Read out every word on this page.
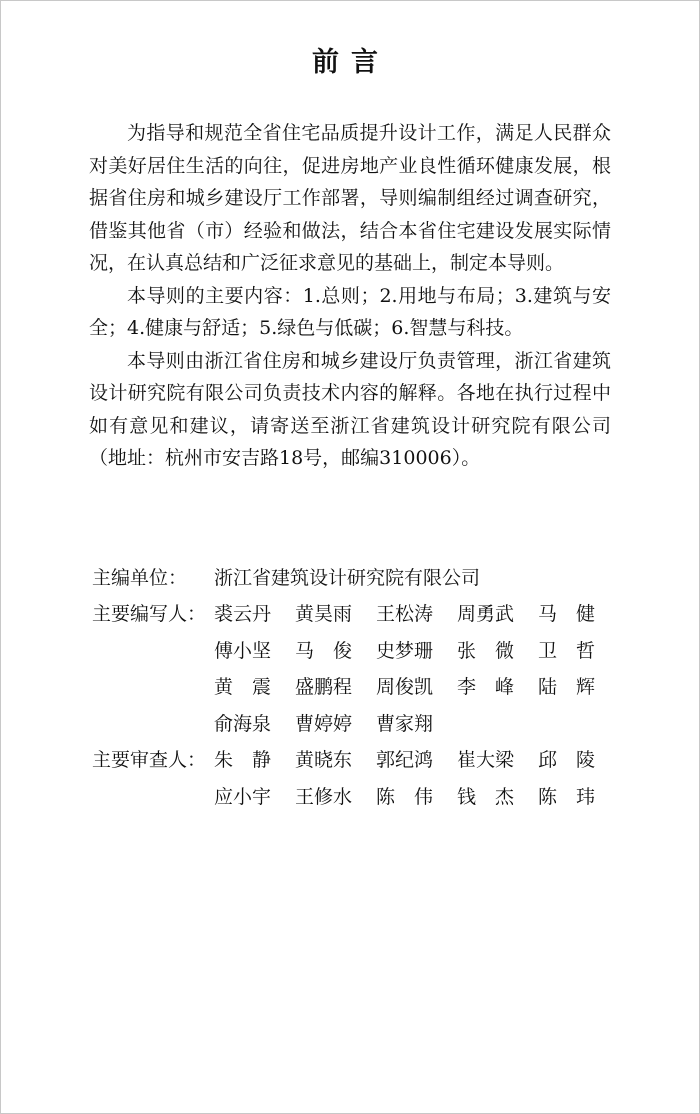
前言

为指导和规范全省住宅品质提升设计工作，满足人民群众对美好居住生活的向往，促进房地产业良性循环健康发展，根据省住房和城乡建设厅工作部署，导则编制组经过调查研究，借鉴其他省（市）经验和做法，结合本省住宅建设发展实际情况，在认真总结和广泛征求意见的基础上，制定本导则。

本导则的主要内容：1.总则；2.用地与布局；3.建筑与安全；4.健康与舒适；5.绿色与低碳；6.智慧与科技。

本导则由浙江省住房和城乡建设厅负责管理，浙江省建筑设计研究院有限公司负责技术内容的解释。各地在执行过程中如有意见和建议，请寄送至浙江省建筑设计研究院有限公司（地址：杭州市安吉路18号，邮编310006）。

主编单位：	浙江省建筑设计研究院有限公司
主要编写人： 裘云丹	黄昊雨	王松涛	周勇武	马　健
傅小坚	马　俊	史梦珊	张　微	卫　哲
黄　震	盛鹏程	周俊凯	李　峰	陆　辉
俞海泉	曹婷婷	曹家翔
主要审查人： 朱　静	黄晓东	郭纪鸿	崔大梁	邱　陵
应小宇	王修水	陈　伟	钱　杰	陈　玮
